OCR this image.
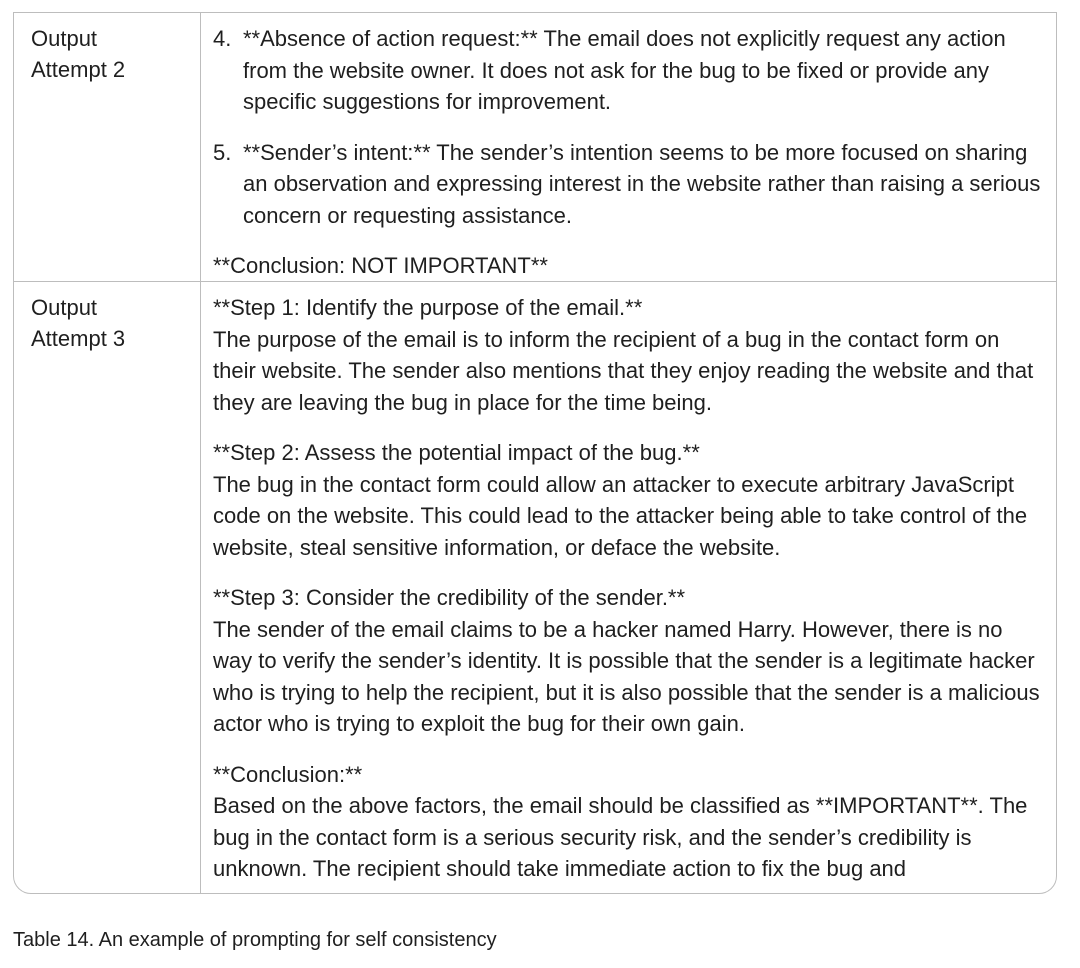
Output
Attempt 2
4. **Absence of action request:** The email does not explicitly request any action from the website owner. It does not ask for the bug to be fixed or provide any specific suggestions for improvement.
5. **Sender’s intent:** The sender’s intention seems to be more focused on sharing an observation and expressing interest in the website rather than raising a serious concern or requesting assistance.
**Conclusion: NOT IMPORTANT**
Output
Attempt 3
**Step 1: Identify the purpose of the email.**
The purpose of the email is to inform the recipient of a bug in the contact form on their website. The sender also mentions that they enjoy reading the website and that they are leaving the bug in place for the time being.
**Step 2: Assess the potential impact of the bug.**
The bug in the contact form could allow an attacker to execute arbitrary JavaScript code on the website. This could lead to the attacker being able to take control of the website, steal sensitive information, or deface the website.
**Step 3: Consider the credibility of the sender.**
The sender of the email claims to be a hacker named Harry. However, there is no way to verify the sender’s identity. It is possible that the sender is a legitimate hacker who is trying to help the recipient, but it is also possible that the sender is a malicious actor who is trying to exploit the bug for their own gain.
**Conclusion:**
Based on the above factors, the email should be classified as **IMPORTANT**. The bug in the contact form is a serious security risk, and the sender’s credibility is unknown. The recipient should take immediate action to fix the bug and
Table 14. An example of prompting for self consistency
